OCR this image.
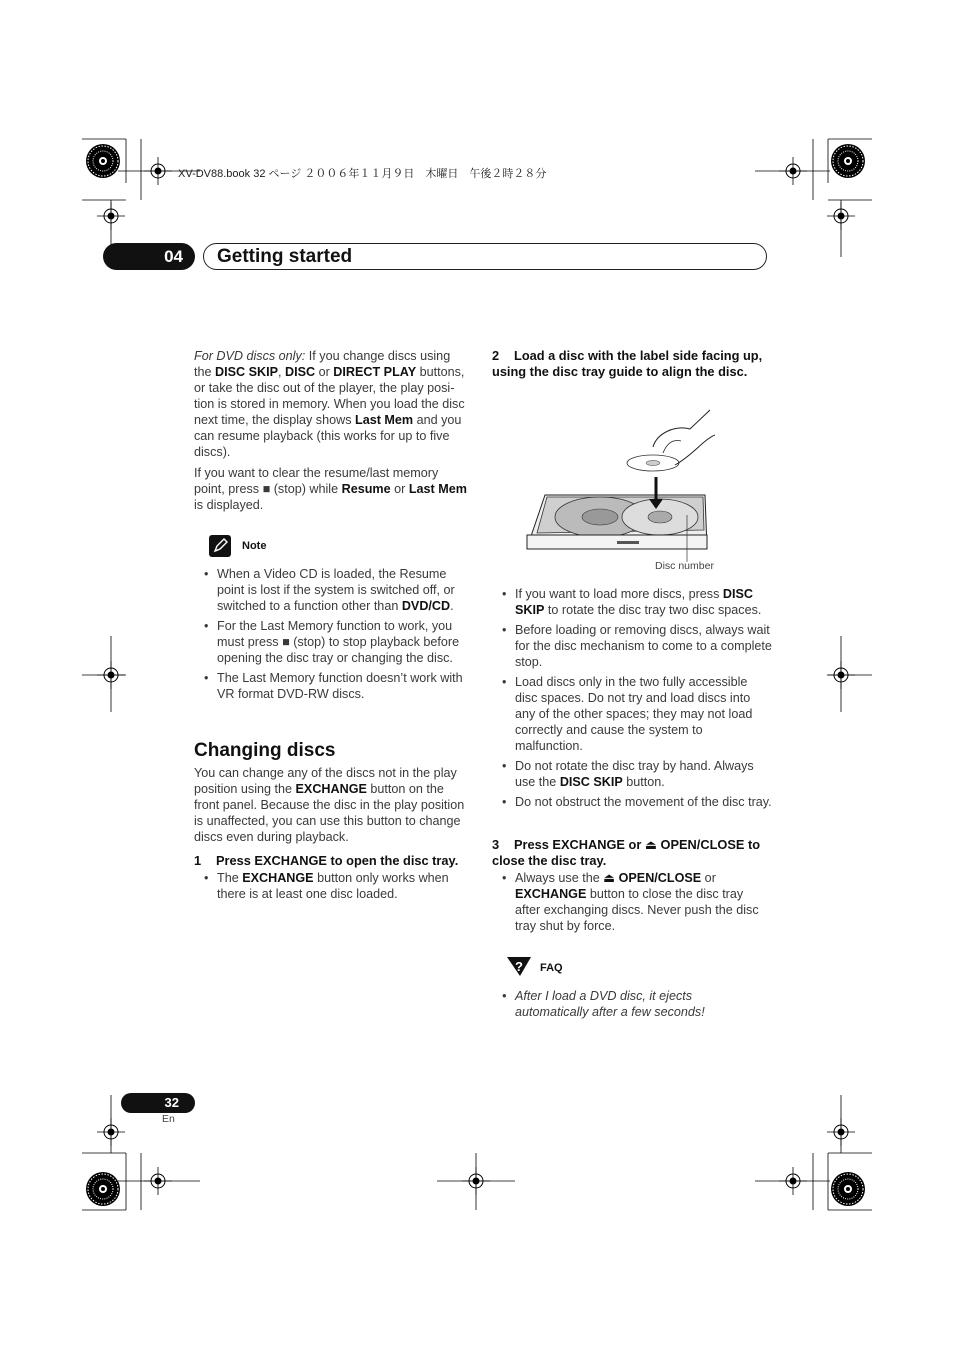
XV-DV88.book 32 ページ ２００６年１１月９日　木曜日　午後２時２８分
04	Getting started

For DVD discs only: If you change discs using the DISC SKIP, DISC or DIRECT PLAY buttons, or take the disc out of the player, the play posi-tion is stored in memory. When you load the disc next time, the display shows Last Mem and you can resume playback (this works for up to five discs).

If you want to clear the resume/last memory point, press ■ (stop) while Resume or Last Mem is displayed.

Note
• When a Video CD is loaded, the Resume point is lost if the system is switched off, or switched to a function other than DVD/CD.
• For the Last Memory function to work, you must press ■ (stop) to stop playback before opening the disc tray or changing the disc.
• The Last Memory function doesn’t work with VR format DVD-RW discs.
Changing discs

You can change any of the discs not in the play position using the EXCHANGE button on the front panel. Because the disc in the play position is unaffected, you can use this button to change discs even during playback.

1 Press EXCHANGE to open the disc tray.
• The EXCHANGE button only works when there is at least one disc loaded.
2 Load a disc with the label side facing up, using the disc tray guide to align the disc.
Disc number
• If you want to load more discs, press DISC SKIP to rotate the disc tray two disc spaces.
• Before loading or removing discs, always wait for the disc mechanism to come to a complete stop.
• Load discs only in the two fully accessible disc spaces. Do not try and load discs into any of the other spaces; they may not load correctly and cause the system to malfunction.
• Do not rotate the disc tray by hand. Always use the DISC SKIP button.
• Do not obstruct the movement of the disc tray.
3 Press EXCHANGE or ⏏ OPEN/CLOSE to close the disc tray.
• Always use the ⏏ OPEN/CLOSE or EXCHANGE button to close the disc tray after exchanging discs. Never push the disc tray shut by force.
? FAQ
• After I load a DVD disc, it ejects automatically after a few seconds!
32
En
